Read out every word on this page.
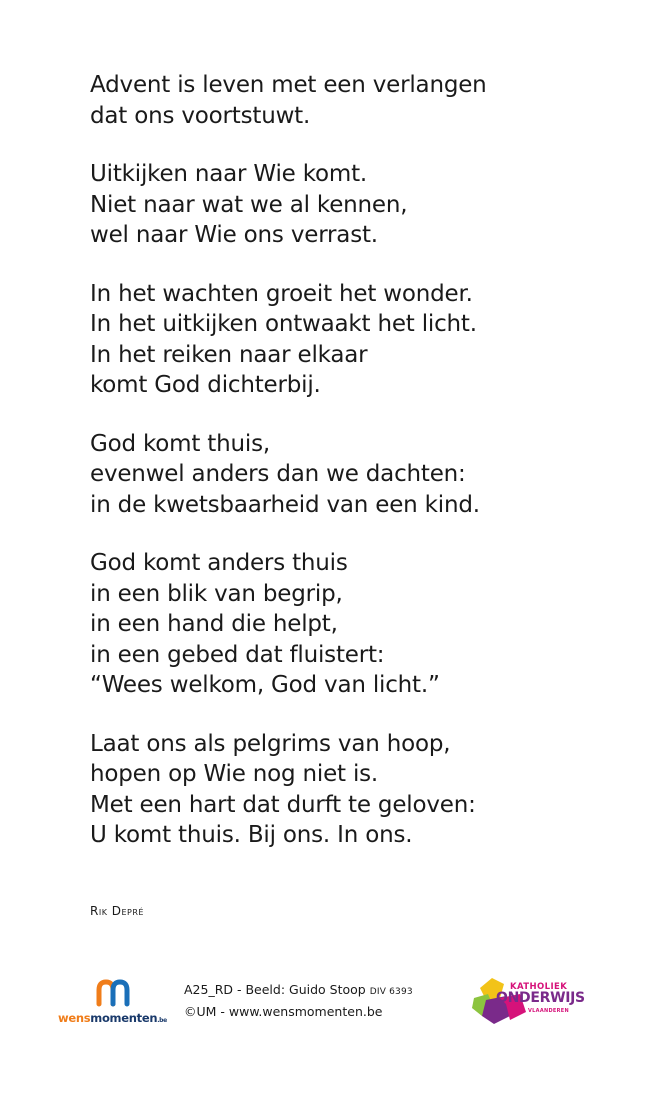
Advent is leven met een verlangen
dat ons voortstuwt.
Uitkijken naar Wie komt.
Niet naar wat we al kennen,
wel naar Wie ons verrast.
In het wachten groeit het wonder.
In het uitkijken ontwaakt het licht.
In het reiken naar elkaar
komt God dichterbij.
God komt thuis,
evenwel anders dan we dachten:
in de kwetsbaarheid van een kind.
God komt anders thuis
in een blik van begrip,
in een hand die helpt,
in een gebed dat fluistert:
“Wees welkom, God van licht.”
Laat ons als pelgrims van hoop,
hopen op Wie nog niet is.
Met een hart dat durft te geloven:
U komt thuis. Bij ons. In ons.
Rik Depré
wensmomenten.be
A25_RD - Beeld: Guido Stoop DIV 6393
©UM - www.wensmomenten.be
KATHOLIEK
ONDERWIJS
VLAANDEREN
